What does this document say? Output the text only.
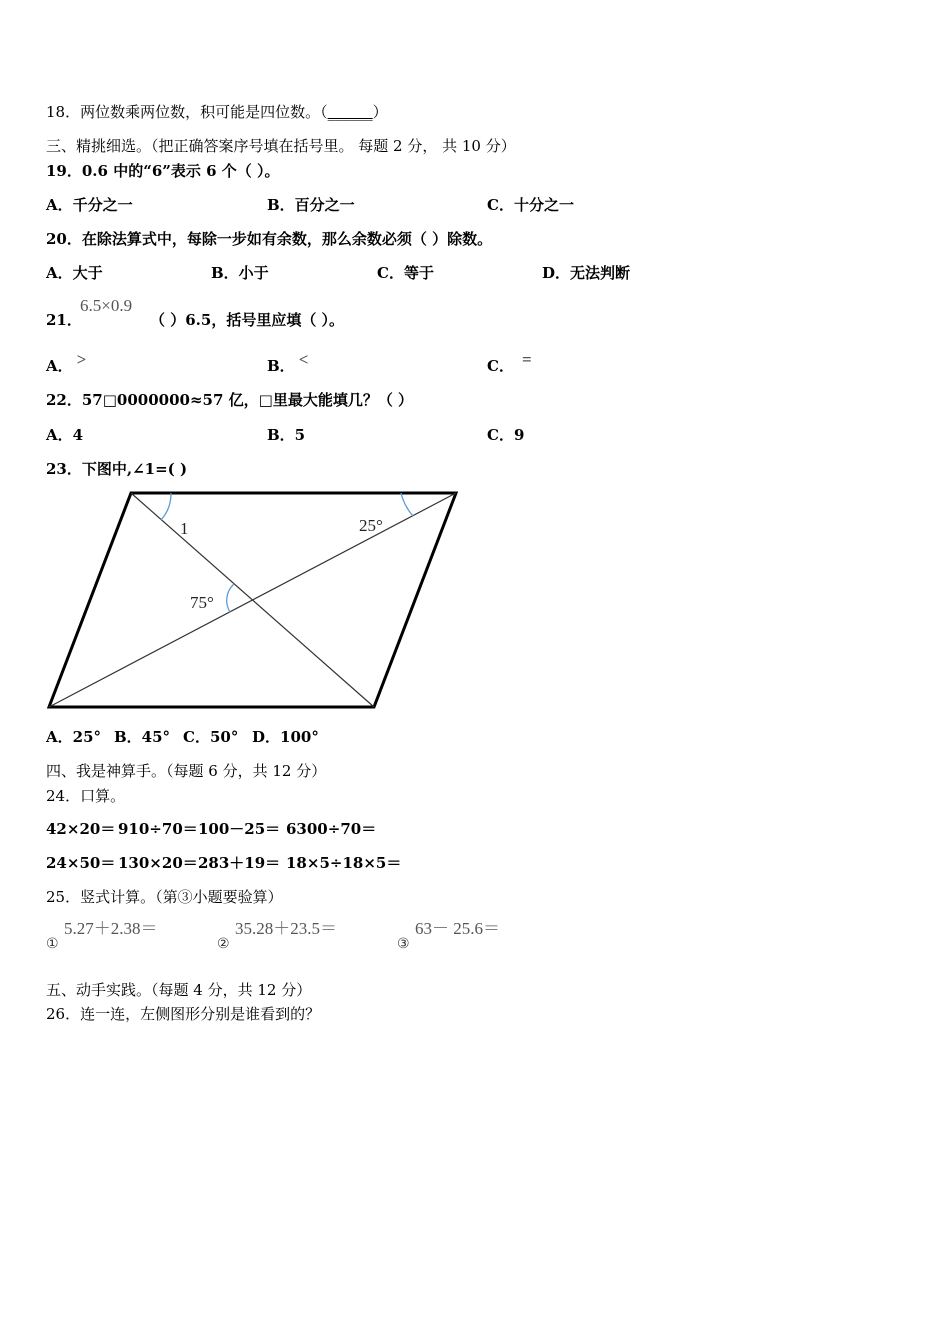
18．两位数乘两位数，积可能是四位数。（______）
三、精挑细选。（把正确答案序号填在括号里。 每题 2 分， 共 10 分）
19．0.6 中的“6”表示 6 个（ ）。
A．千分之一	B．百分之一	C．十分之一
20．在除法算式中，每除一步如有余数，那么余数必须（ ）除数。
A．大于	B．小于	C．等于	D．无法判断
21．
6.5×0.9
（ ）6.5，括号里应填（ ）。
A． >	B． <	C． =
22．57□0000000≈57 亿，□里最大能填几？（ ）
A．4	B．5	C．9
23．下图中,∠1=( )
1	25°
75°
A．25° B．45° C．50° D．100°
四、我是神算手。（每题 6 分，共 12 分）
24．口算。
42×20＝ 910÷70＝ 100－25＝ 6300÷70＝
24×50＝ 130×20＝ 283＋19＝ 18×5÷18×5＝
25．竖式计算。（第③小题要验算）
①
5.27＋2.38＝
②
35.28＋23.5＝
③
63－ 25.6＝
五、动手实践。（每题 4 分，共 12 分）
26．连一连，左侧图形分别是谁看到的？
